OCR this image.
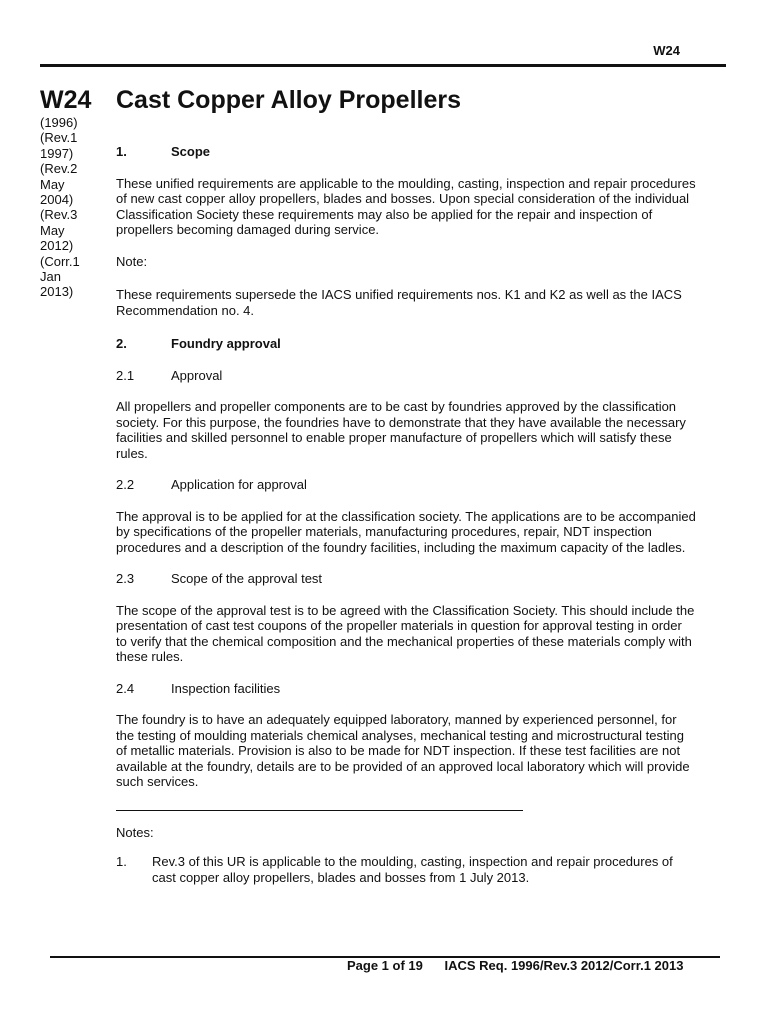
W24
W24 Cast Copper Alloy Propellers
(1996)
(Rev.1
1997)
(Rev.2
May
2004)
(Rev.3
May
2012)
(Corr.1
Jan
2013)
1.	Scope

These unified requirements are applicable to the moulding, casting, inspection and repair procedures of new cast copper alloy propellers, blades and bosses. Upon special consideration of the individual Classification Society these requirements may also be applied for the repair and inspection of propellers becoming damaged during service.

Note:

These requirements supersede the IACS unified requirements nos. K1 and K2 as well as the IACS Recommendation no. 4.

2.	Foundry approval
2.1	Approval

All propellers and propeller components are to be cast by foundries approved by the classification society. For this purpose, the foundries have to demonstrate that they have available the necessary facilities and skilled personnel to enable proper manufacture of propellers which will satisfy these rules.

2.2	Application for approval

The approval is to be applied for at the classification society. The applications are to be accompanied by specifications of the propeller materials, manufacturing procedures, repair, NDT inspection procedures and a description of the foundry facilities, including the maximum capacity of the ladles.

2.3	Scope of the approval test

The scope of the approval test is to be agreed with the Classification Society. This should include the presentation of cast test coupons of the propeller materials in question for approval testing in order to verify that the chemical composition and the mechanical properties of these materials comply with these rules.

2.4	Inspection facilities

The foundry is to have an adequately equipped laboratory, manned by experienced personnel, for the testing of moulding materials chemical analyses, mechanical testing and microstructural testing of metallic materials. Provision is also to be made for NDT inspection. If these test facilities are not available at the foundry, details are to be provided of an approved local laboratory which will provide such services.

Notes:

1.	Rev.3 of this UR is applicable to the moulding, casting, inspection and repair procedures of cast copper alloy propellers, blades and bosses from 1 July 2013.
Page 1 of 19 IACS Req. 1996/Rev.3 2012/Corr.1 2013
